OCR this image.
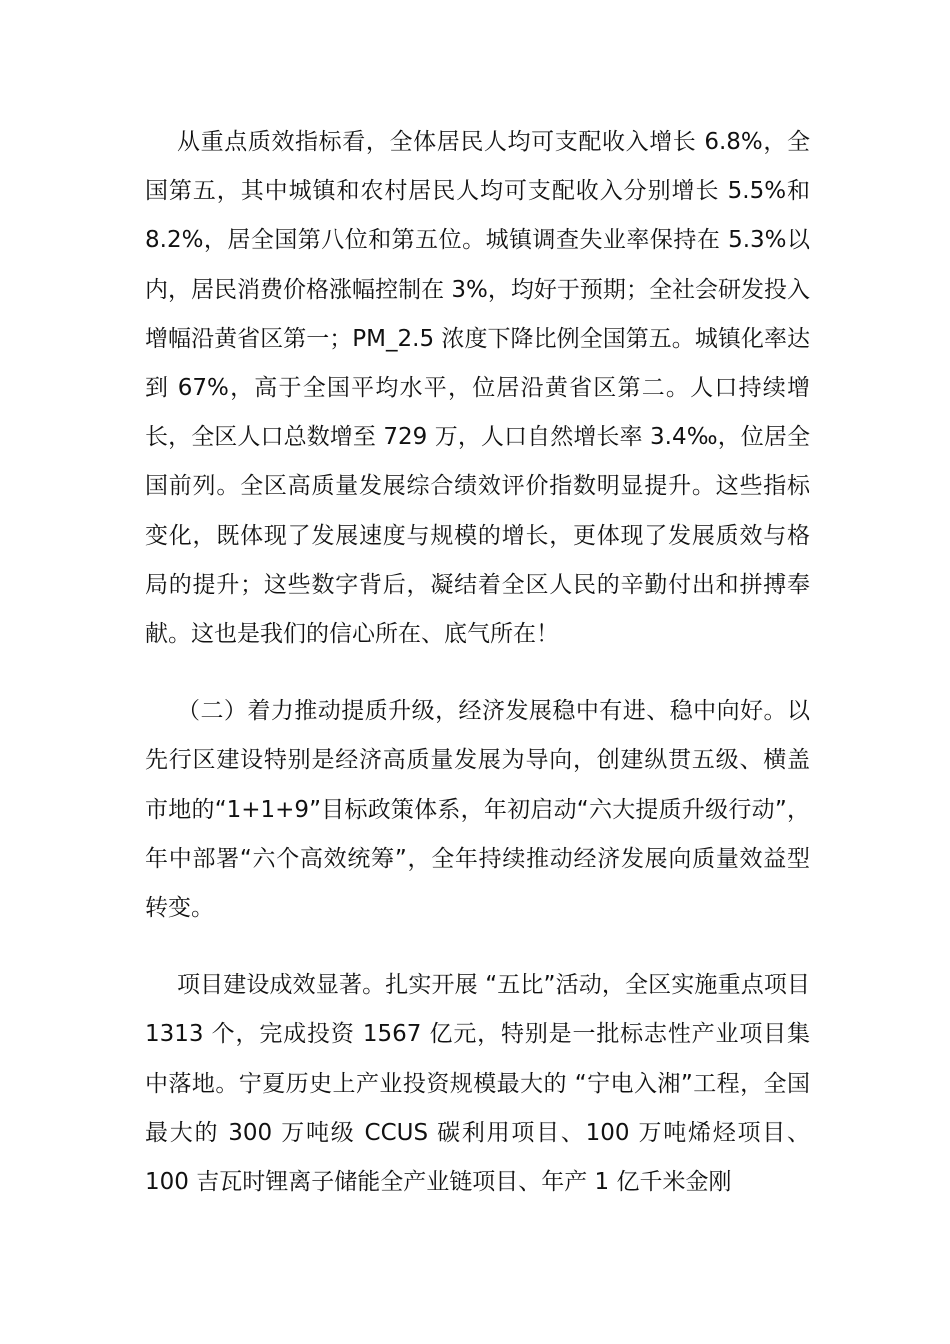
从重点质效指标看，全体居民人均可支配收入增长 6.8%，全国第五，其中城镇和农村居民人均可支配收入分别增长 5.5%和 8.2%，居全国第八位和第五位。城镇调查失业率保持在 5.3%以内，居民消费价格涨幅控制在 3%，均好于预期；全社会研发投入增幅沿黄省区第一；PM_2.5 浓度下降比例全国第五。城镇化率达到 67%，高于全国平均水平，位居沿黄省区第二。人口持续增长，全区人口总数增至 729 万，人口自然增长率 3.4‰，位居全国前列。全区高质量发展综合绩效评价指数明显提升。这些指标变化，既体现了发展速度与规模的增长，更体现了发展质效与格局的提升；这些数字背后，凝结着全区人民的辛勤付出和拼搏奉献。这也是我们的信心所在、底气所在！

（二）着力推动提质升级，经济发展稳中有进、稳中向好。以先行区建设特别是经济高质量发展为导向，创建纵贯五级、横盖市地的“1+1+9”目标政策体系，年初启动“六大提质升级行动”，年中部署“六个高效统筹”，全年持续推动经济发展向质量效益型转变。

项目建设成效显著。扎实开展 “五比”活动，全区实施重点项目 1313 个，完成投资 1567 亿元，特别是一批标志性产业项目集中落地。宁夏历史上产业投资规模最大的 “宁电入湘”工程，全国最大的 300 万吨级 CCUS 碳利用项目、100 万吨烯烃项目、100 吉瓦时锂离子储能全产业链项目、年产 1 亿千米金刚
